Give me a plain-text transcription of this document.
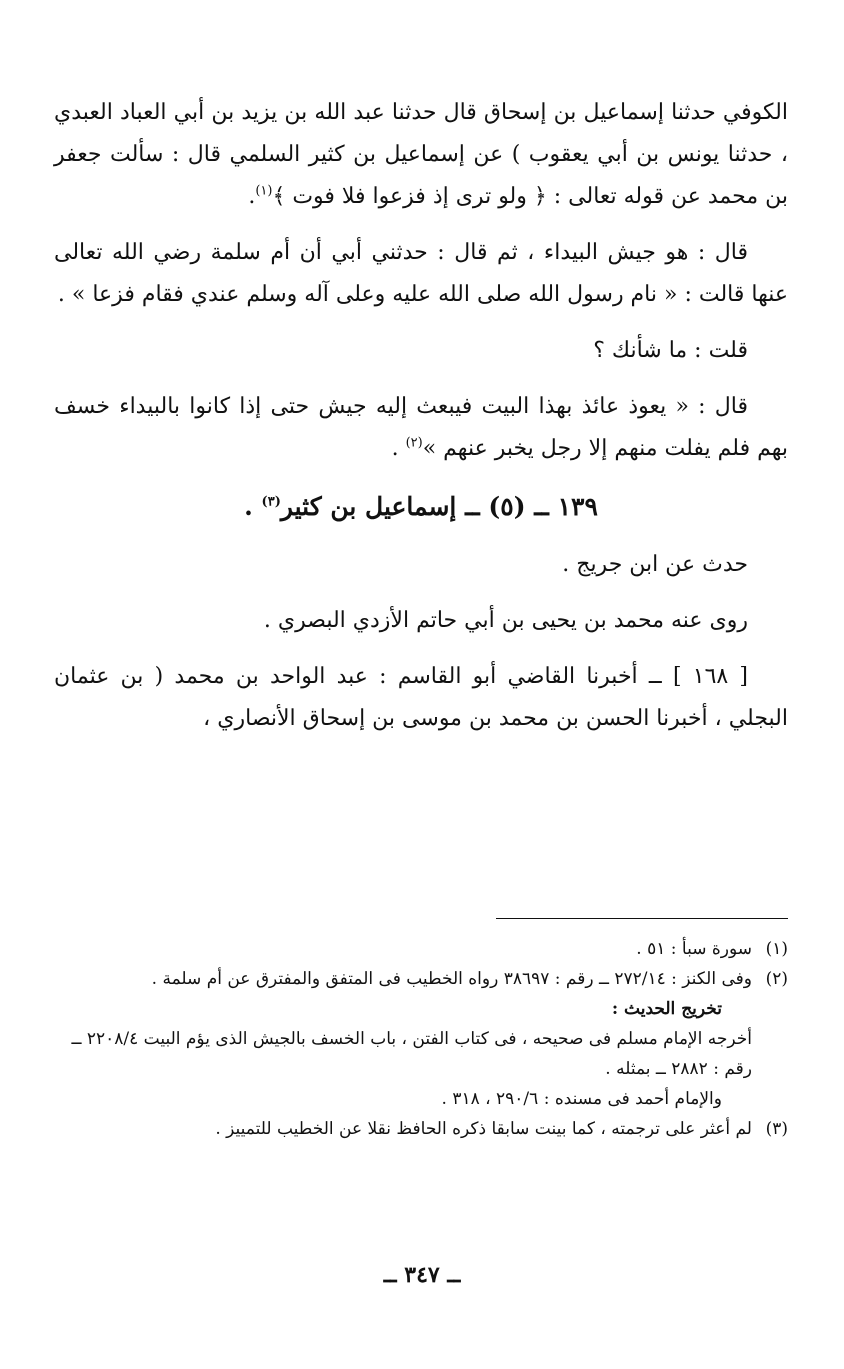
الكوفي حدثنا إسماعيل بن إسحاق قال حدثنا عبد الله بن يزيد بن أبي العباد العبدي ، حدثنا يونس بن أبي يعقوب ) عن إسماعيل بن كثير السلمي قال : سألت جعفر بن محمد عن قوله تعالى : ﴿ ولو ترى إذ فزعوا فلا فوت ﴾$^{(١)}$.

قال : هو جيش البيداء ، ثم قال : حدثني أبي أن أم سلمة رضي الله تعالى عنها قالت : « نام رسول الله صلى الله عليه وعلى آله وسلم عندي فقام فزعا » .

قلت : ما شأنك ؟

قال : « يعوذ عائذ بهذا البيت فيبعث إليه جيش حتى إذا كانوا بالبيداء خسف بهم فلم يفلت منهم إلا رجل يخبر عنهم »$^{(٢)}$ .

١٣٩ ــ (٥) ــ إسماعيل بن كثير$^{(٣)}$ .

حدث عن ابن جريج .

روى عنه محمد بن يحيى بن أبي حاتم الأزدي البصري .

[ ١٦٨ ] ــ أخبرنا القاضي أبو القاسم : عبد الواحد بن محمد ( بن عثمان البجلي ، أخبرنا الحسن بن محمد بن موسى بن إسحاق الأنصاري ،

(١)
سورة سبأ : ٥١ .
(٢)
وفى الكنز : ٢٧٢/١٤ ــ رقم : ٣٨٦٩٧ رواه الخطيب فى المتفق والمفترق عن أم سلمة .
تخريج الحديث :
أخرجه الإمام مسلم فى صحيحه ، فى كتاب الفتن ، باب الخسف بالجيش الذى يؤم البيت ٢٢٠٨/٤ ــ رقم : ٢٨٨٢ ــ بمثله .
والإمام أحمد فى مسنده : ٢٩٠/٦ ، ٣١٨ .
(٣)
لم أعثر على ترجمته ، كما بينت سابقا ذكره الحافظ نقلا عن الخطيب للتمييز .
ــ ٣٤٧ ــ
